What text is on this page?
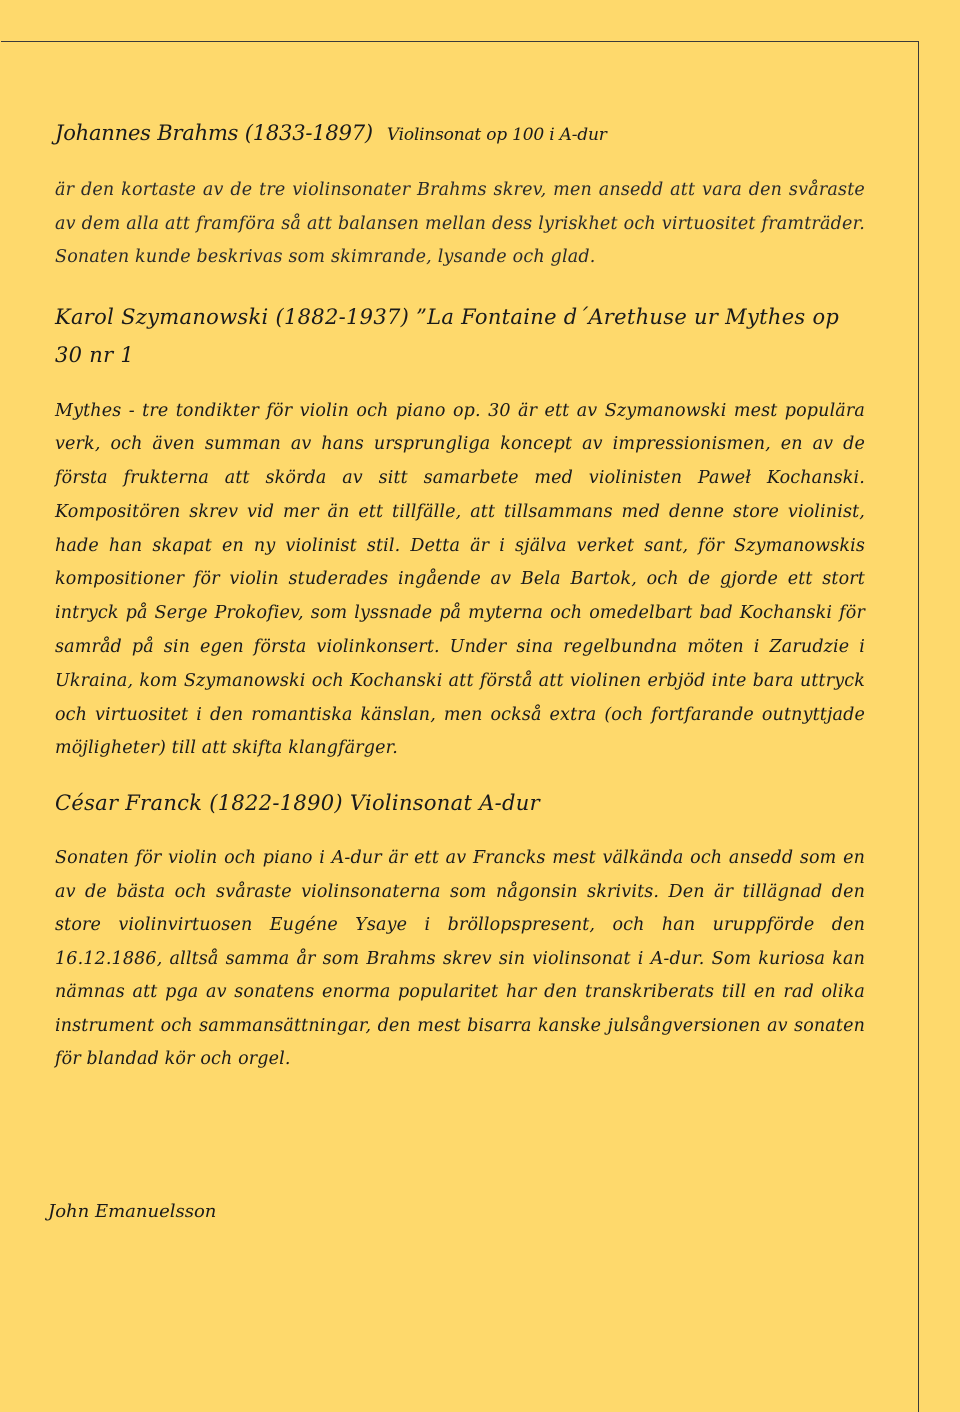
Johannes Brahms (1833-1897) Violinsonat op 100 i A-dur

är den kortaste av de tre violinsonater Brahms skrev, men ansedd att vara den svåraste av dem alla att framföra så att balansen mellan dess lyriskhet och virtuositet framträder. Sonaten kunde beskrivas som skimrande, lysande och glad.

Karol Szymanowski (1882-1937) ”La Fontaine d´Arethuse ur Mythes op 30 nr 1

Mythes - tre tondikter för violin och piano op. 30 är ett av Szymanowski mest populära verk, och även summan av hans ursprungliga koncept av impressionismen, en av de första frukterna att skörda av sitt samarbete med violinisten Paweł Kochanski. Kompositören skrev vid mer än ett tillfälle, att tillsammans med denne store violinist, hade han skapat en ny violinist stil. Detta är i själva verket sant, för Szymanowskis kompositioner för violin studerades ingående av Bela Bartok, och de gjorde ett stort intryck på Serge Prokofiev, som lyssnade på myterna och omedelbart bad Kochanski för samråd på sin egen första violinkonsert. Under sina regelbundna möten i Zarudzie i Ukraina, kom Szymanowski och Kochanski att förstå att violinen erbjöd inte bara uttryck och virtuositet i den romantiska känslan, men också extra (och fortfarande outnyttjade möjligheter) till att skifta klangfärger.

César Franck (1822-1890) Violinsonat A-dur

Sonaten för violin och piano i A-dur är ett av Francks mest välkända och ansedd som en av de bästa och svåraste violinsonaterna som någonsin skrivits. Den är tillägnad den store violinvirtuosen Eugéne Ysaye i bröllopspresent, och han uruppförde den 16.12.1886, alltså samma år som Brahms skrev sin violinsonat i A-dur. Som kuriosa kan nämnas att pga av sonatens enorma popularitet har den transkriberats till en rad olika instrument och sammansättningar, den mest bisarra kanske julsångversionen av sonaten för blandad kör och orgel.

John Emanuelsson
